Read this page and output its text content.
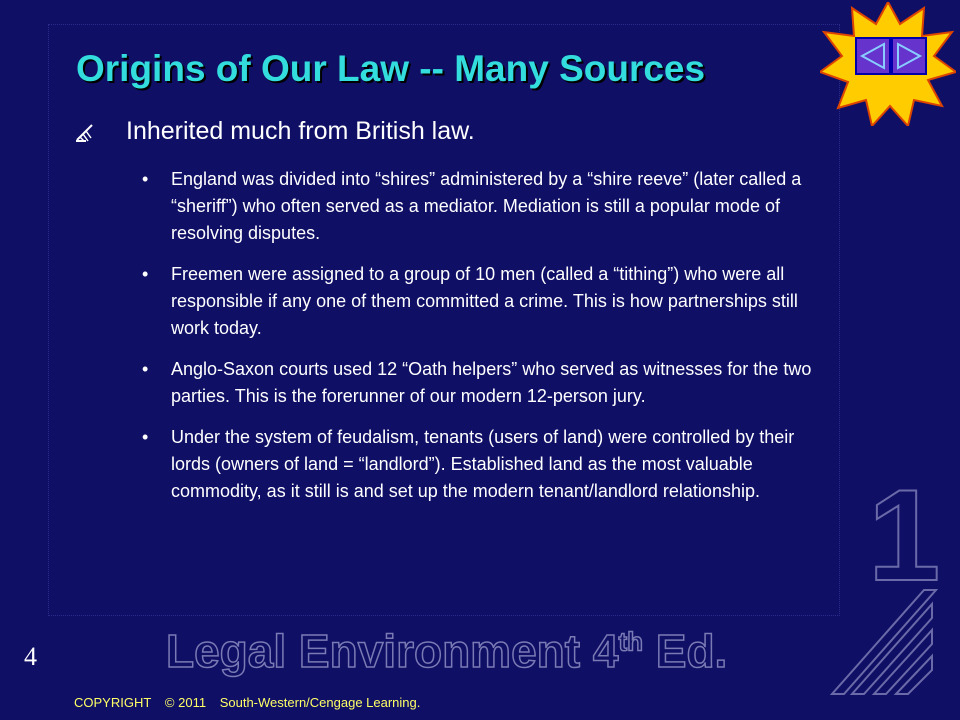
Origins of Our Law -- Many Sources
Inherited much from British law.
• England was divided into “shires” administered by a “shire reeve” (later called a “sheriff”) who often served as a mediator. Mediation is still a popular mode of resolving disputes.
• Freemen were assigned to a group of 10 men (called a “tithing”) who were all responsible if any one of them committed a crime. This is how partnerships still work today.
• Anglo-Saxon courts used 12 “Oath helpers” who served as witnesses for the two parties. This is the forerunner of our modern 12-person jury.
• Under the system of feudalism, tenants (users of land) were controlled by their lords (owners of land = “landlord”). Established land as the most valuable commodity, as it still is and set up the modern tenant/landlord relationship. 1
Legal Environment 4th Ed.
4
COPYRIGHT © 2011 South-Western/Cengage Learning.
